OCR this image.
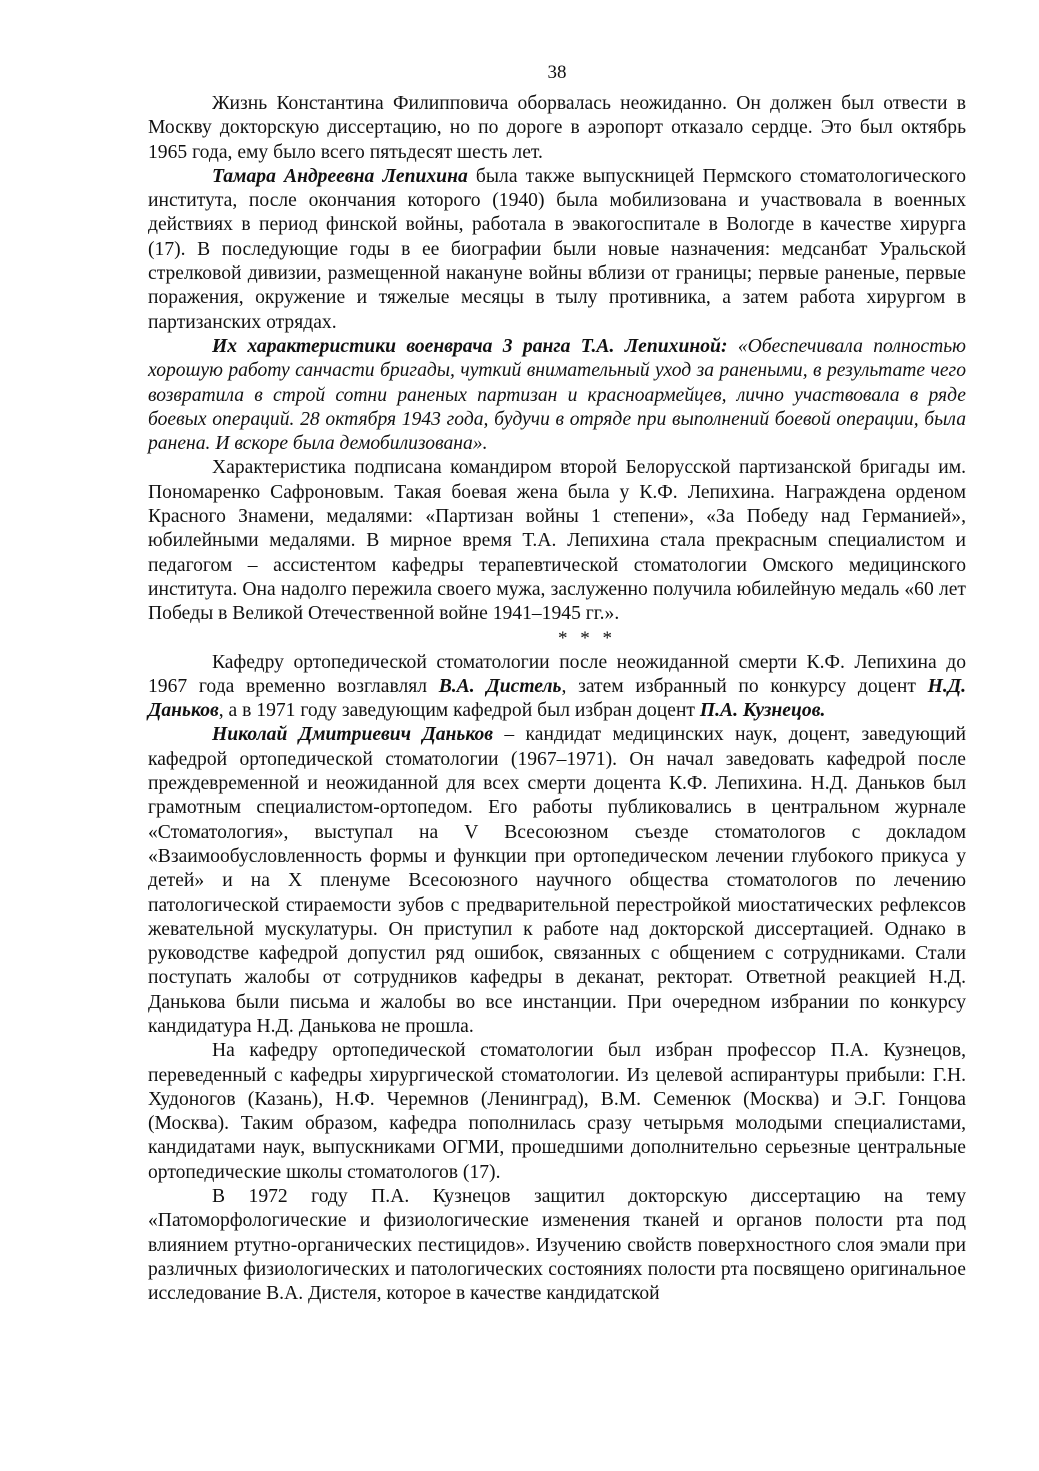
38

Жизнь Константина Филипповича оборвалась неожиданно. Он должен был отвести в Москву докторскую диссертацию, но по дороге в аэропорт отказало сердце. Это был октябрь 1965 года, ему было всего пятьдесят шесть лет.

Тамара Андреевна Лепихина была также выпускницей Пермского стоматологического института, после окончания которого (1940) была мобилизована и участвовала в военных действиях в период финской войны, работала в эвакогоспитале в Вологде в качестве хирурга (17). В последующие годы в ее биографии были новые назначения: медсанбат Уральской стрелковой дивизии, размещенной накануне войны вблизи от границы; первые раненые, первые поражения, окружение и тяжелые месяцы в тылу противника, а затем работа хирургом в партизанских отрядах.

Их характеристики военврача 3 ранга Т.А. Лепихиной: «Обеспечивала полностью хорошую работу санчасти бригады, чуткий внимательный уход за ранеными, в результате чего возвратила в строй сотни раненых партизан и красноармейцев, лично участвовала в ряде боевых операций. 28 октября 1943 года, будучи в отряде при выполнений боевой операции, была ранена. И вскоре была демобилизована».

Характеристика подписана командиром второй Белорусской партизанской бригады им. Пономаренко Сафроновым. Такая боевая жена была у К.Ф. Лепихина. Награждена орденом Красного Знамени, медалями: «Партизан войны 1 степени», «За Победу над Германией», юбилейными медалями. В мирное время Т.А. Лепихина стала прекрасным специалистом и педагогом – ассистентом кафедры терапевтической стоматологии Омского медицинского института. Она надолго пережила своего мужа, заслуженно получила юбилейную медаль «60 лет Победы в Великой Отечественной войне 1941–1945 гг.».

* * *

Кафедру ортопедической стоматологии после неожиданной смерти К.Ф. Лепихина до 1967 года временно возглавлял В.А. Дистель, затем избранный по конкурсу доцент Н.Д. Даньков, а в 1971 году заведующим кафедрой был избран доцент П.А. Кузнецов.

Николай Дмитриевич Даньков – кандидат медицинских наук, доцент, заведующий кафедрой ортопедической стоматологии (1967–1971). Он начал заведовать кафедрой после преждевременной и неожиданной для всех смерти доцента К.Ф. Лепихина. Н.Д. Даньков был грамотным специалистом-ортопедом. Его работы публиковались в центральном журнале «Стоматология», выступал на V Всесоюзном съезде стоматологов с докладом «Взаимообусловленность формы и функции при ортопедическом лечении глубокого прикуса у детей» и на X пленуме Всесоюзного научного общества стоматологов по лечению патологической стираемости зубов с предварительной перестройкой миостатических рефлексов жевательной мускулатуры. Он приступил к работе над докторской диссертацией. Однако в руководстве кафедрой допустил ряд ошибок, связанных с общением с сотрудниками. Стали поступать жалобы от сотрудников кафедры в деканат, ректорат. Ответной реакцией Н.Д. Данькова были письма и жалобы во все инстанции. При очередном избрании по конкурсу кандидатура Н.Д. Данькова не прошла.

На кафедру ортопедической стоматологии был избран профессор П.А. Кузнецов, переведенный с кафедры хирургической стоматологии. Из целевой аспирантуры прибыли: Г.Н. Худоногов (Казань), Н.Ф. Черемнов (Ленинград), В.М. Семенюк (Москва) и Э.Г. Гонцова (Москва). Таким образом, кафедра пополнилась сразу четырьмя молодыми специалистами, кандидатами наук, выпускниками ОГМИ, прошедшими дополнительно серьезные центральные ортопедические школы стоматологов (17).

В 1972 году П.А. Кузнецов защитил докторскую диссертацию на тему «Патоморфологические и физиологические изменения тканей и органов полости рта под влиянием ртутно-органических пестицидов». Изучению свойств поверхностного слоя эмали при различных физиологических и патологических состояниях полости рта посвящено оригинальное исследование В.А. Дистеля, которое в качестве кандидатской
